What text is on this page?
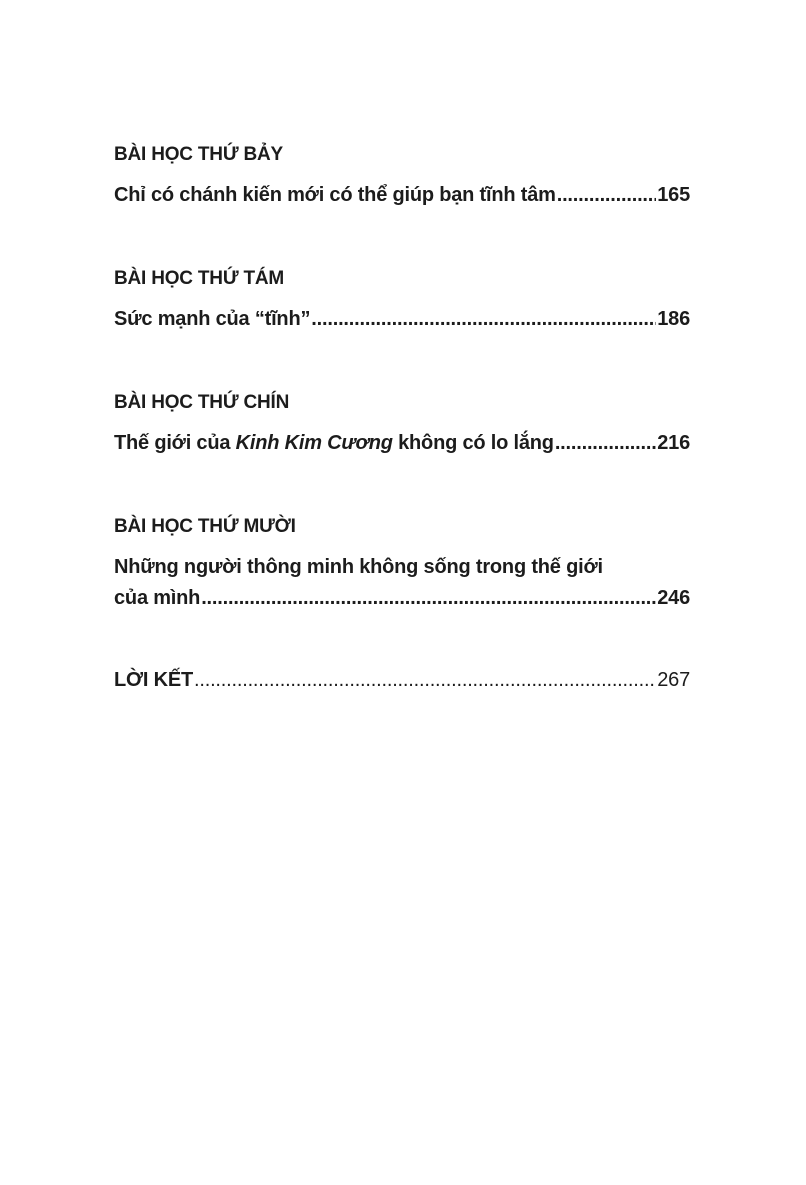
BÀI HỌC THỨ BẢY
Chỉ có chánh kiến mới có thể giúp bạn tĩnh tâm .....	165
BÀI HỌC THỨ TÁM
Sức mạnh của “tĩnh” .....	186
BÀI HỌC THỨ CHÍN
Thế giới của Kinh Kim Cương không có lo lắng .....	216
BÀI HỌC THỨ MƯỜI
Những người thông minh không sống trong thế giới
của mình .....	246
LỜI KẾT .....	267
